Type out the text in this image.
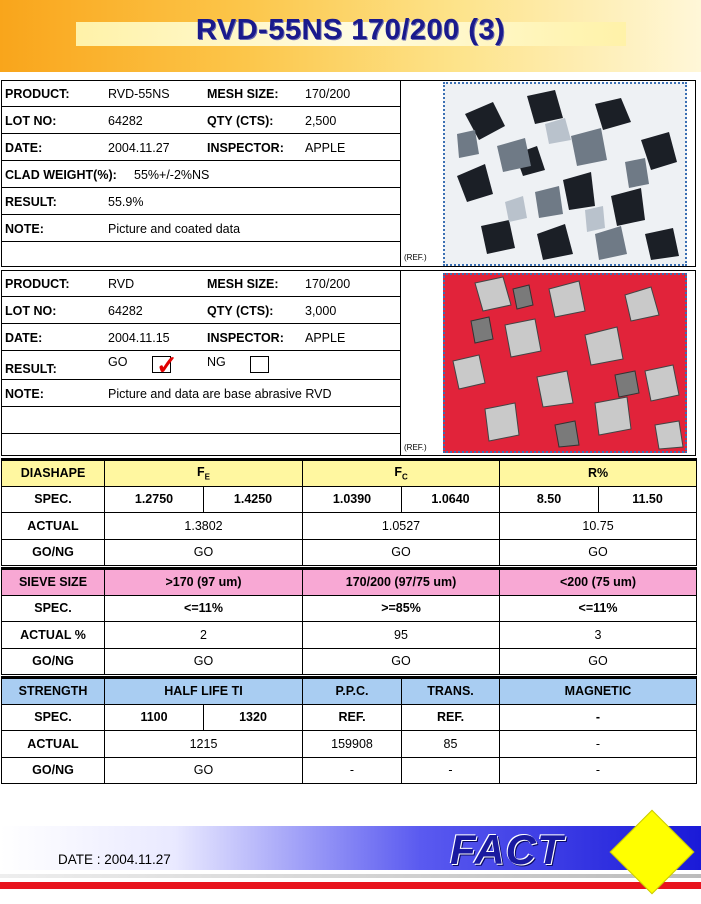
RVD-55NS 170/200 (3)
PRODUCT:	RVD-55NS	MESH SIZE: 170/200
LOT NO:	64282	QTY (CTS):	2,500
DATE:	2004.11.27	INSPECTOR: APPLE
CLAD WEIGHT(%): 55%+/-2%NS
RESULT:	55.9%
NOTE:	Picture and coated data
(REF.)
PRODUCT:	RVD	MESH SIZE: 170/200
LOT NO:	64282	QTY (CTS):	3,000
DATE:	2004.11.15	INSPECTOR: APPLE
RESULT:	GO ✓ NG
NOTE:	Picture and data are base abrasive RVD
(REF.)
DIASHAPE	$F_E$		$F_C$		R%	
SPEC.	1.2750	1.4250	1.0390	1.0640	8.50	11.50
ACTUAL	1.3802		1.0527		10.75	
GO/NG	GO		GO		GO	
SIEVE SIZE	>170 (97 um)	170/200 (97/75 um)	<200 (75 um)
SPEC.	<=11%	>=85%	<=11%
ACTUAL %	2	95	3
GO/NG	GO	GO	GO
STRENGTH	HALF LIFE TI		P.P.C.	TRANS.	MAGNETIC
SPEC.	1100	1320	REF.	REF.	-
ACTUAL	1215		159908	85	-
GO/NG	GO		-	-	-
DATE : 2004.11.27	FACT
